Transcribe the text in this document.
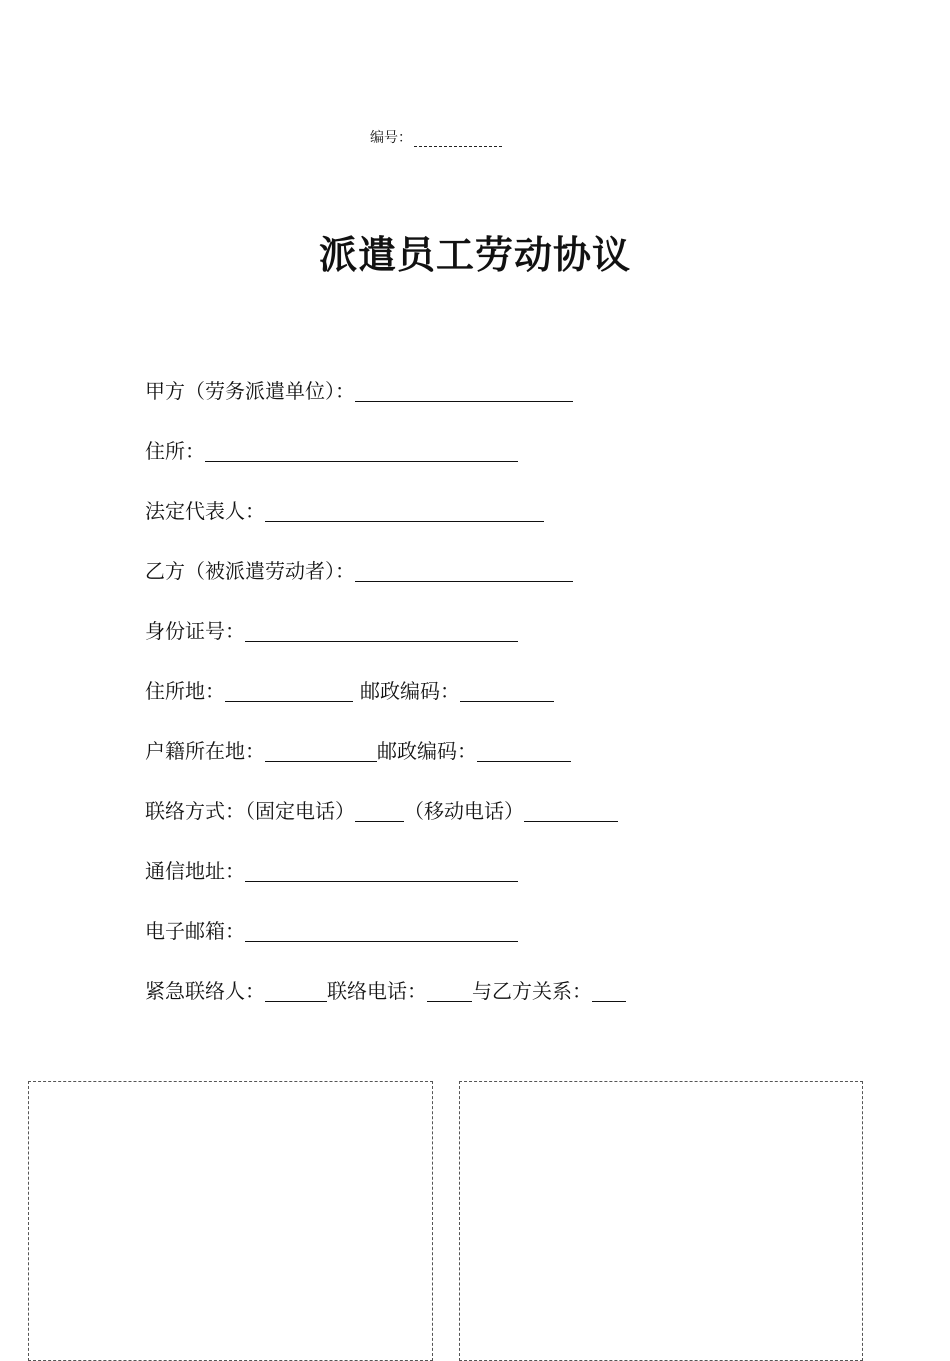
编号：
派遣员工劳动协议
甲方（劳务派遣单位）：
住所：
法定代表人：
乙方（被派遣劳动者）：
身份证号：
住所地：	邮政编码：
户籍所在地：	邮政编码：
联络方式：（固定电话） （移动电话）
通信地址：
电子邮箱：
紧急联络人：	联络电话： 与乙方关系：
